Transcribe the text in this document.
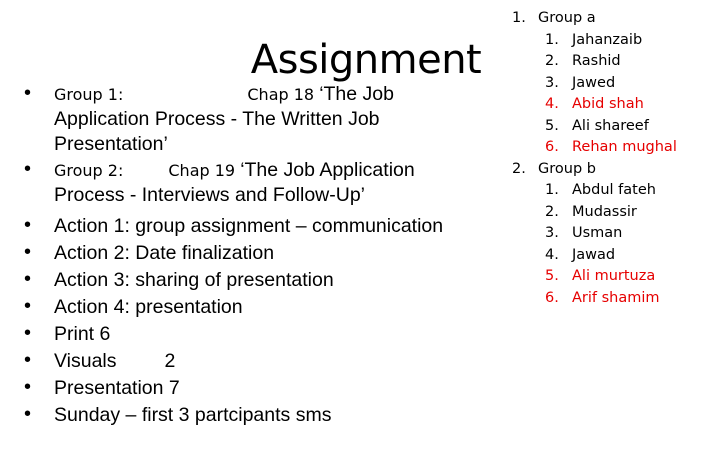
Assignment
• Group 1:	Chap 18 ‘The Job
Application Process - The Written Job
Presentation’
• Group 2:	Chap 19 ‘The Job Application
Process - Interviews and Follow-Up’
• Action 1: group assignment – communication
• Action 2: Date finalization
• Action 3: sharing of presentation
• Action 4: presentation
• Print 6
• Visuals 2
• Presentation 7
• Sunday – first 3 partcipants sms
1. Group a
1. Jahanzaib
2. Rashid
3. Jawed
4. Abid shah
5. Ali shareef
6. Rehan mughal
2. Group b
1. Abdul fateh
2. Mudassir
3. Usman
4. Jawad
5. Ali murtuza
6. Arif shamim
